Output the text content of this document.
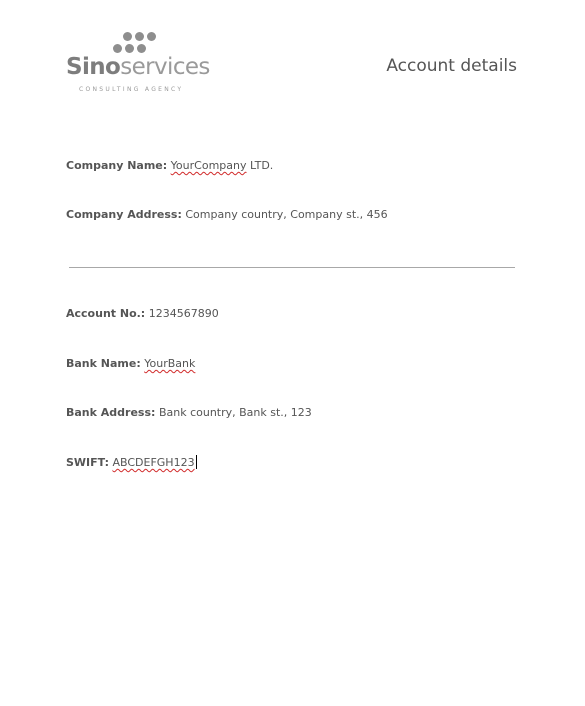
Sinoservices
CONSULTING AGENCY
Account details
Company Name: YourCompany LTD.
Company Address: Company country, Company st., 456
Account No.: 1234567890
Bank Name: YourBank
Bank Address: Bank country, Bank st., 123
SWIFT: ABCDEFGH123
